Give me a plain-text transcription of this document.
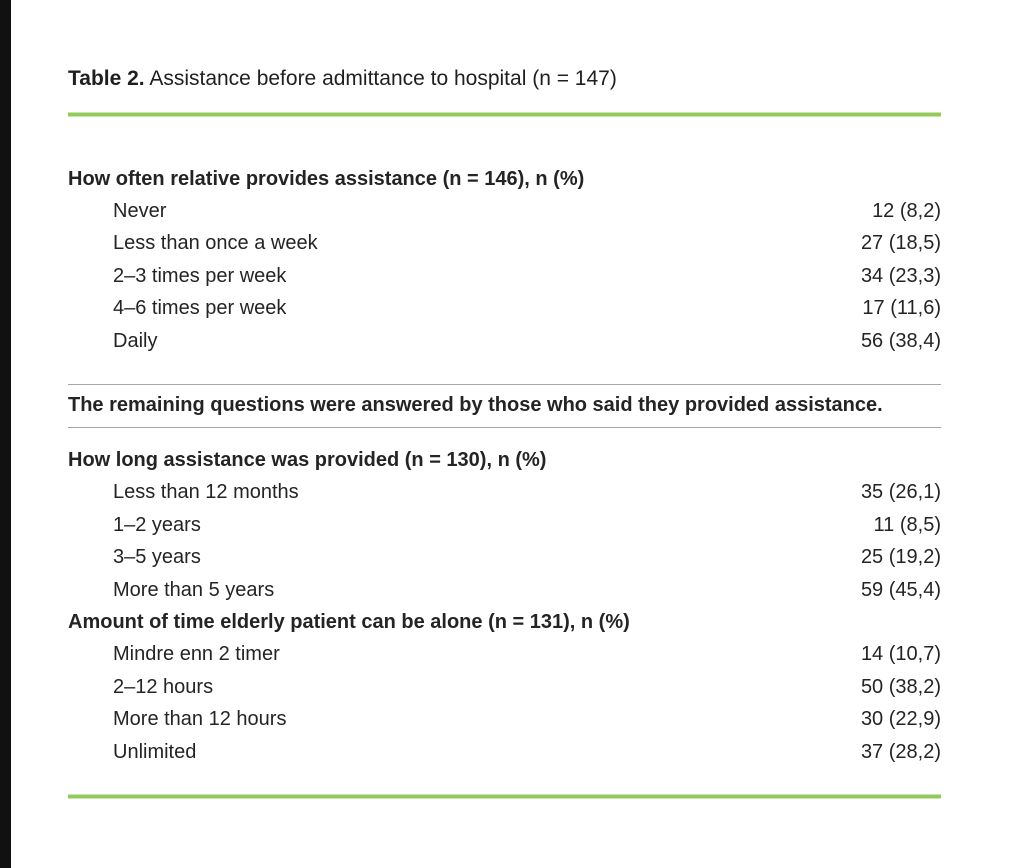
Table 2. Assistance before admittance to hospital (n = 147)
How often relative provides assistance (n = 146), n (%)
Never	12 (8,2)
Less than once a week	27 (18,5)
2–3 times per week	34 (23,3)
4–6 times per week	17 (11,6)
Daily	56 (38,4)
The remaining questions were answered by those who said they provided assistance.
How long assistance was provided (n = 130), n (%)
Less than 12 months	35 (26,1)
1–2 years	11 (8,5)
3–5 years	25 (19,2)
More than 5 years	59 (45,4)
Amount of time elderly patient can be alone (n = 131), n (%)
Mindre enn 2 timer	14 (10,7)
2–12 hours	50 (38,2)
More than 12 hours	30 (22,9)
Unlimited	37 (28,2)
